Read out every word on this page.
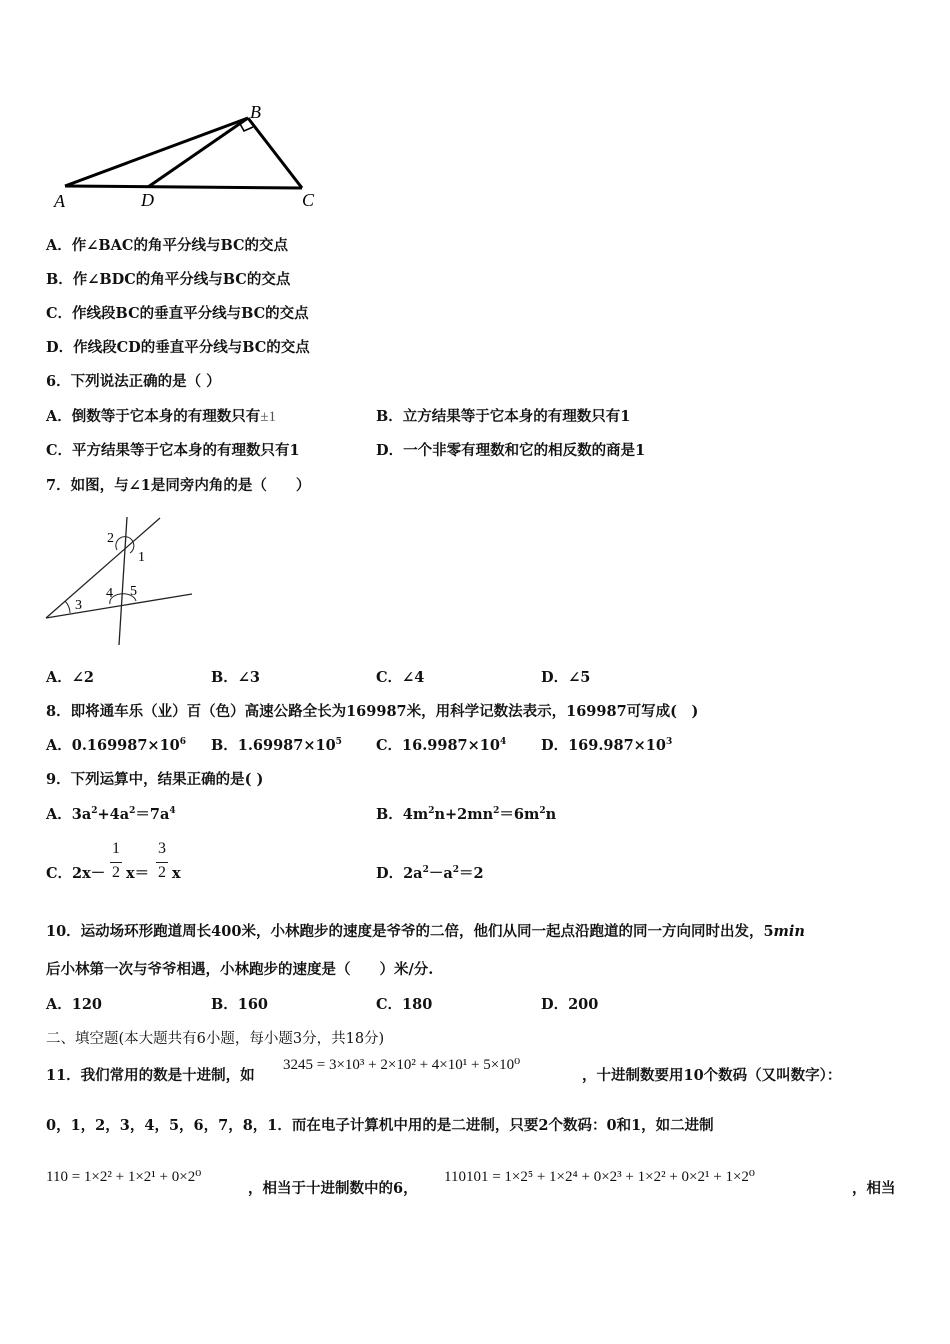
A	D
B
C
A．作∠BAC的角平分线与BC的交点
B．作∠BDC的角平分线与BC的交点
C．作线段BC的垂直平分线与BC的交点
D．作线段CD的垂直平分线与BC的交点
6．下列说法正确的是（ ）
A．倒数等于它本身的有理数只有±1	B．立方结果等于它本身的有理数只有1
C．平方结果等于它本身的有理数只有1	D．一个非零有理数和它的相反数的商是1
7．如图，与∠1是同旁内角的是（　　）
2
1
3
4 5
A．∠2	B．∠3	C．∠4	D．∠5
8．即将通车乐（业）百（色）高速公路全长为169987米，用科学记数法表示，169987可写成(　)
A．$0.169987\times 10^6$ B．$1.69987\times 10^5$ C．$16.9987\times 10^4$ D．$169.987\times 10^3$
9．下列运算中，结果正确的是( )
A．$3a^2+4a^2=7a^4$	B．$4m^2n+2mn^2=6m^2n$
C．2x－
1
2 x＝
3
2 x	D．$2a^2-a^2=2$
10．运动场环形跑道周长400米，小林跑步的速度是爷爷的二倍，他们从同一起点沿跑道的同一方向同时出发，5min
后小林第一次与爷爷相遇，小林跑步的速度是（　　）米/分.
A．120	B．160	C．180	D．200
二、填空题(本大题共有6小题，每小题3分，共18分)
11．我们常用的数是十进制，如
3245 = 3×10³ + 2×10² + 4×10¹ + 5×10⁰
，十进制数要用10个数码（又叫数字）：
0，1，2，3，4，5，6，7，8，1．而在电子计算机中用的是二进制，只要2个数码：0和1，如二进制
110 = 1×2² + 1×2¹ + 0×2⁰
，相当于十进制数中的6，
110101 = 1×2⁵ + 1×2⁴ + 0×2³ + 1×2² + 0×2¹ + 1×2⁰
，相当
